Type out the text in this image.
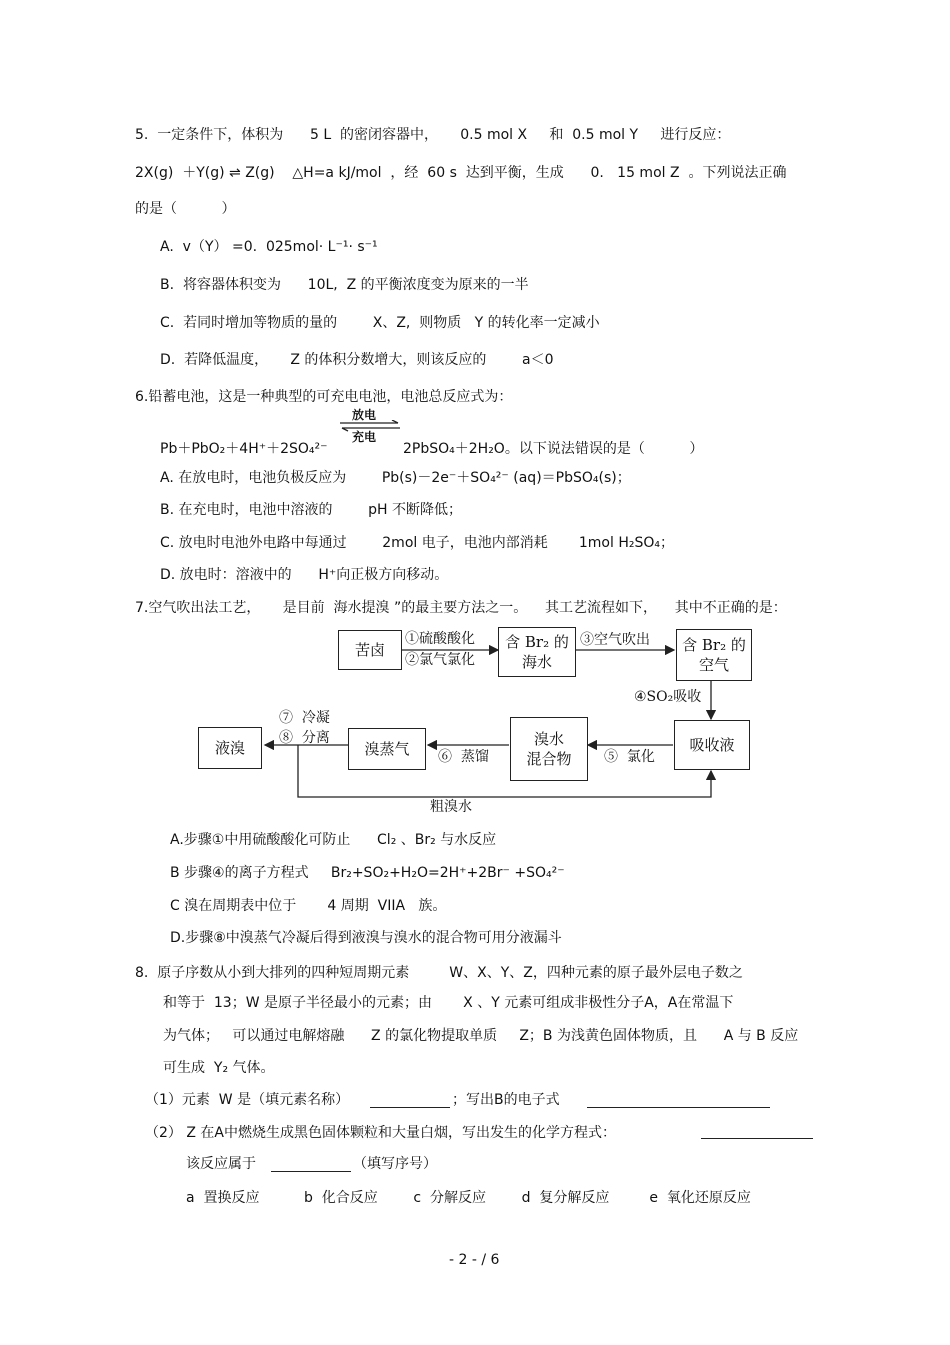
5.  一定条件下，体积为      5 L  的密闭容器中，     0.5 mol X     和  0.5 mol Y     进行反应：
2X(g)  ＋Y(g) ⇌ Z(g)    △H=a kJ/mol  ，经  60 s  达到平衡，生成      0.   15 mol Z  。下列说法正确
的是（          ）
A.  v（Y） =0.  025mol· L⁻¹· s⁻¹
B.  将容器体积变为      10L,  Z 的平衡浓度变为原来的一半
C.  若同时增加等物质的量的        X、Z,  则物质   Y 的转化率一定减小
D.  若降低温度，     Z 的体积分数增大，则该反应的        a＜0
6.铅蓄电池，这是一种典型的可充电电池，电池总反应式为：
放电
充电
Pb＋PbO₂＋4H⁺＋2SO₄²⁻	2PbSO₄＋2H₂O。以下说法错误的是（          ）
A. 在放电时，电池负极反应为        Pb(s)－2e⁻＋SO₄²⁻ (aq)＝PbSO₄(s)；
B. 在充电时，电池中溶液的        pH 不断降低；
C. 放电时电池外电路中每通过        2mol 电子，电池内部消耗       1mol H₂SO₄；
D. 放电时：溶液中的      H⁺向正极方向移动。
7.空气吹出法工艺，     是目前  海水提溴 ”的最主要方法之一。    其工艺流程如下，    其中不正确的是：
苦卤
①硫酸酸化
②氯气氯化
含 Br₂ 的
海水
③空气吹出	含 Br₂ 的
空气
④SO₂吸收
吸收液
⑤  氯化
溴水
混合物
⑥  蒸馏
溴蒸气
⑦  冷凝
⑧  分离
液溴
粗溴水
A.步骤①中用硫酸酸化可防止      Cl₂ 、Br₂ 与水反应
B 步骤④的离子方程式     Br₂+SO₂+H₂O=2H⁺+2Br⁻ +SO₄²⁻
C 溴在周期表中位于       4 周期  VIIA   族。
D.步骤⑧中溴蒸气冷凝后得到液溴与溴水的混合物可用分液漏斗
8.  原子序数从小到大排列的四种短周期元素         W、X、Y、Z，四种元素的原子最外层电子数之
和等于  13；W 是原子半径最小的元素；由       X 、Y 元素可组成非极性分子A，A在常温下
为气体；   可以通过电解熔融      Z 的氯化物提取单质     Z；B 为浅黄色固体物质，且      A 与 B 反应
可生成  Y₂ 气体。
（1）元素  W 是（填元素名称）	；写出B的电子式
（2） Z 在A中燃烧生成黑色固体颗粒和大量白烟，写出发生的化学方程式：
该反应属于	（填写序号）
a  置换反应          b  化合反应        c  分解反应        d  复分解反应         e  氧化还原反应
- 2 - / 6
